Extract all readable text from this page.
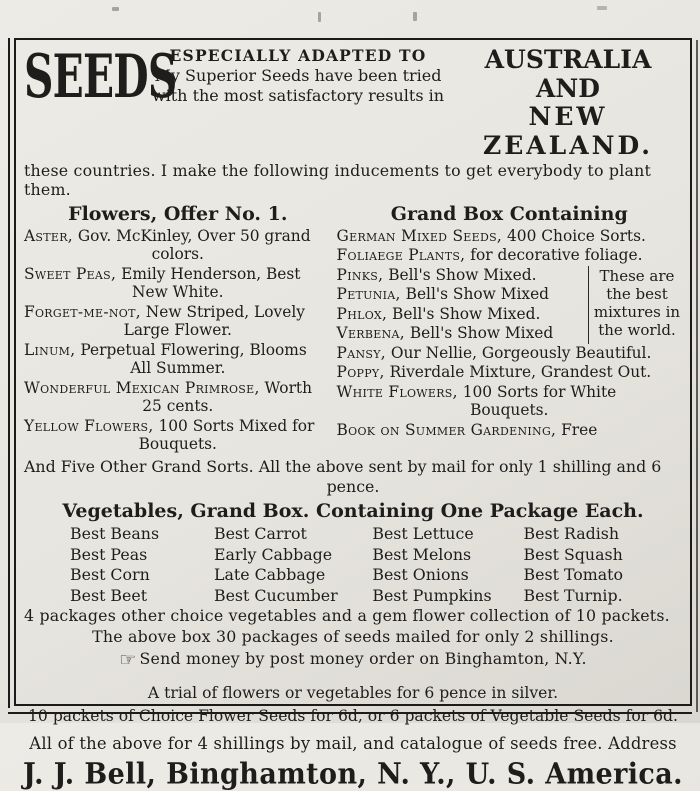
SEEDS
ESPECIALLY ADAPTED TO
My Superior Seeds have been tried
with the most satisfactory results in
AUSTRALIA AND
NEW ZEALAND.
these countries. I make the following inducements to get everybody to plant them.
Flowers, Offer No. 1.

Aster, Gov. McKinley, Over 50 grand
colors.

Sweet Peas, Emily Henderson, Best
New White.

Forget-me-not, New Striped, Lovely
Large Flower.

Linum, Perpetual Flowering, Blooms
All Summer.

Wonderful Mexican Primrose, Worth
25 cents.

Yellow Flowers, 100 Sorts Mixed for
Bouquets.

Grand Box Containing

German Mixed Seeds, 400 Choice Sorts.

Foliaege Plants, for decorative foliage.

Pinks, Bell's Show Mixed.

Petunia, Bell's Show Mixed

Phlox, Bell's Show Mixed.

Verbena, Bell's Show Mixed

These are
the best
mixtures in
the world.

Pansy, Our Nellie, Gorgeously Beautiful.

Poppy, Riverdale Mixture, Grandest Out.

White Flowers, 100 Sorts for White
Bouquets.

Book on Summer Gardening, Free

And Five Other Grand Sorts. All the above sent by mail for only 1 shilling and 6
pence.
Vegetables, Grand Box. Containing One Package Each.
Best Beans	Best Carrot	Best Lettuce	Best Radish
Best Peas	Early Cabbage	Best Melons	Best Squash
Best Corn	Late Cabbage	Best Onions	Best Tomato
Best Beet	Best Cucumber	Best Pumpkins	Best Turnip.
4 packages other choice vegetables and a gem flower collection of 10 packets.
The above box 30 packages of seeds mailed for only 2 shillings.
☞ Send money by post money order on Binghamton, N.Y.
A trial of flowers or vegetables for 6 pence in silver.
10 packets of Choice Flower Seeds for 6d, or 6 packets of Vegetable Seeds for 6d.
All of the above for 4 shillings by mail, and catalogue of seeds free. Address
J. J. Bell, Binghamton, N. Y., U. S. America.
